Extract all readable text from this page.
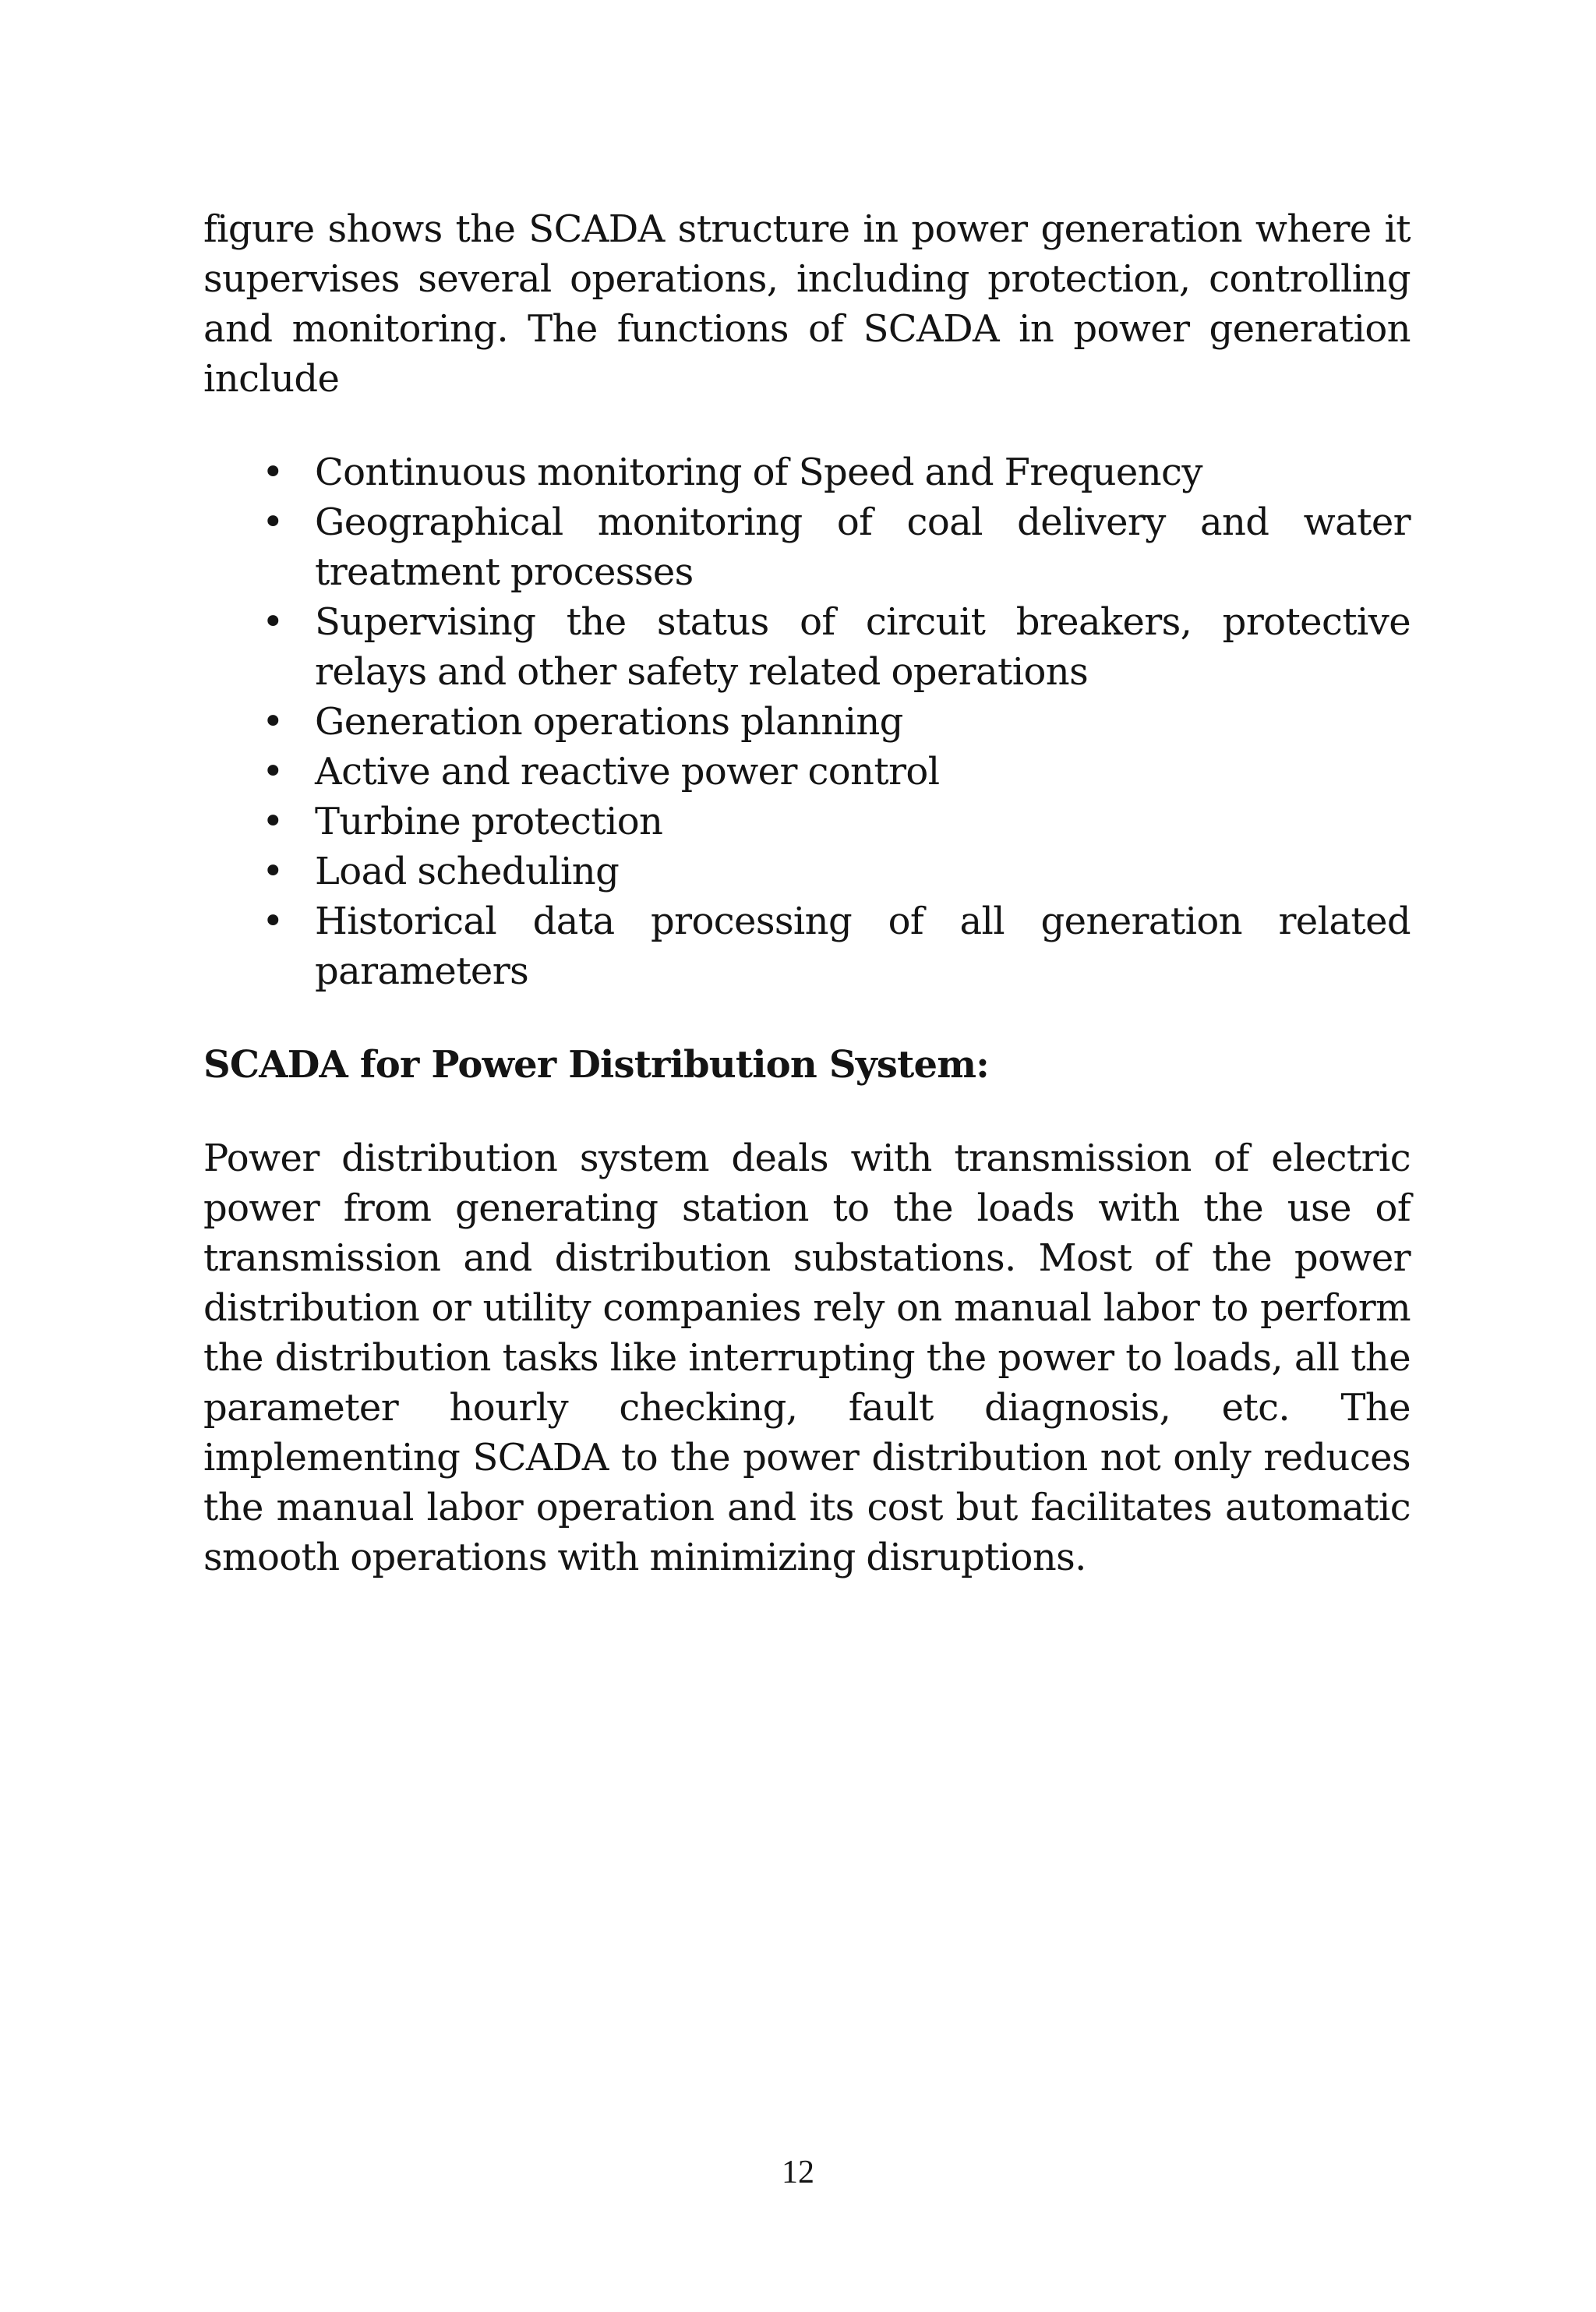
figure shows the SCADA structure in power generation where it supervises several operations, including protection, controlling and monitoring. The functions of SCADA in power generation include

• Continuous monitoring of Speed and Frequency
• Geographical monitoring of coal delivery and water treatment processes
• Supervising the status of circuit breakers, protective relays and other safety related operations
• Generation operations planning
• Active and reactive power control
• Turbine protection
• Load scheduling
• Historical data processing of all generation related parameters
SCADA for Power Distribution System:

Power distribution system deals with transmission of electric power from generating station to the loads with the use of transmission and distribution substations. Most of the power distribution or utility companies rely on manual labor to perform the distribution tasks like interrupting the power to loads, all the parameter hourly checking, fault diagnosis, etc. The implementing SCADA to the power distribution not only reduces the manual labor operation and its cost but facilitates automatic smooth operations with minimizing disruptions.

12
